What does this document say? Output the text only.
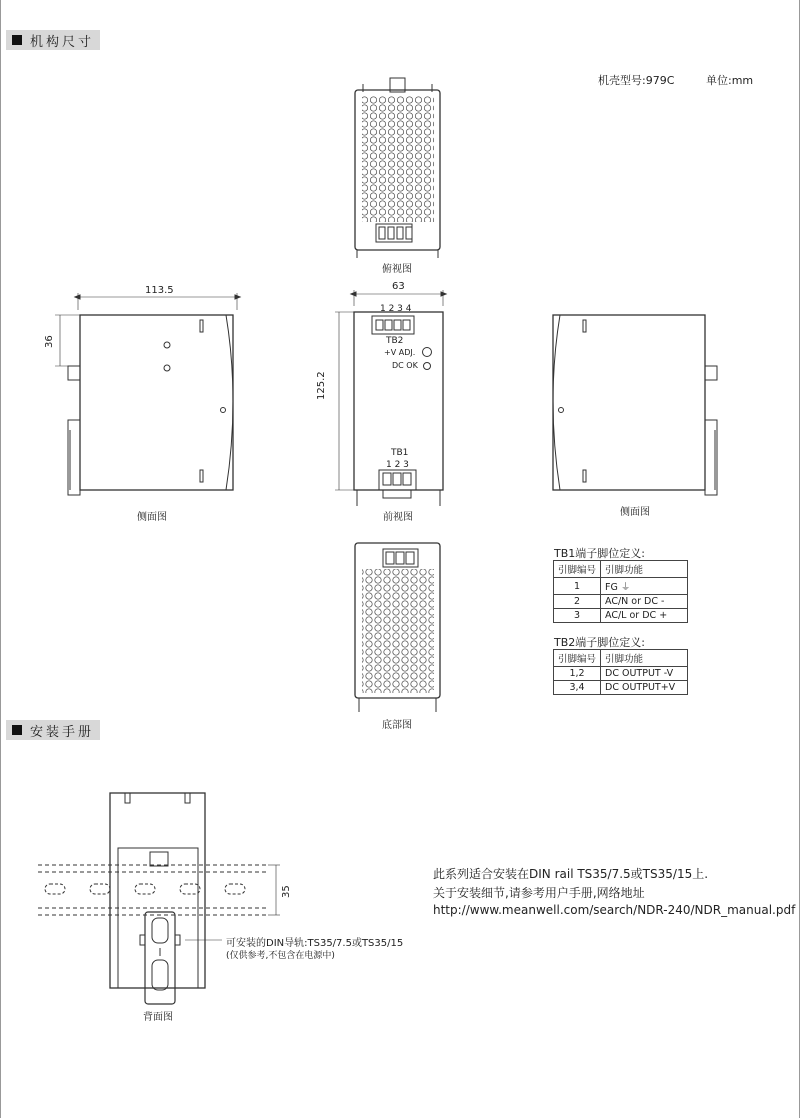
机构尺寸
机壳型号:979C	单位:mm
俯视图
侧面图	前视图	侧面图
底部图
背面图
113.5	63
125.2
36
35
1 2 3 4
TB2
+V ADJ.
DC OK
TB1
1 2 3
TB1端子脚位定义:
引脚编号	引脚功能
1	FG ⏚
2	AC/N or DC -
3	AC/L or DC +
TB2端子脚位定义:
引脚编号	引脚功能
1,2	DC OUTPUT -V
3,4	DC OUTPUT+V
安装手册
可安装的DIN导轨:TS35/7.5或TS35/15
(仅供参考,不包含在电源中)
此系列适合安装在DIN rail TS35/7.5或TS35/15上.
关于安装细节,请参考用户手册,网络地址
http://www.meanwell.com/search/NDR-240/NDR_manual.pdf
